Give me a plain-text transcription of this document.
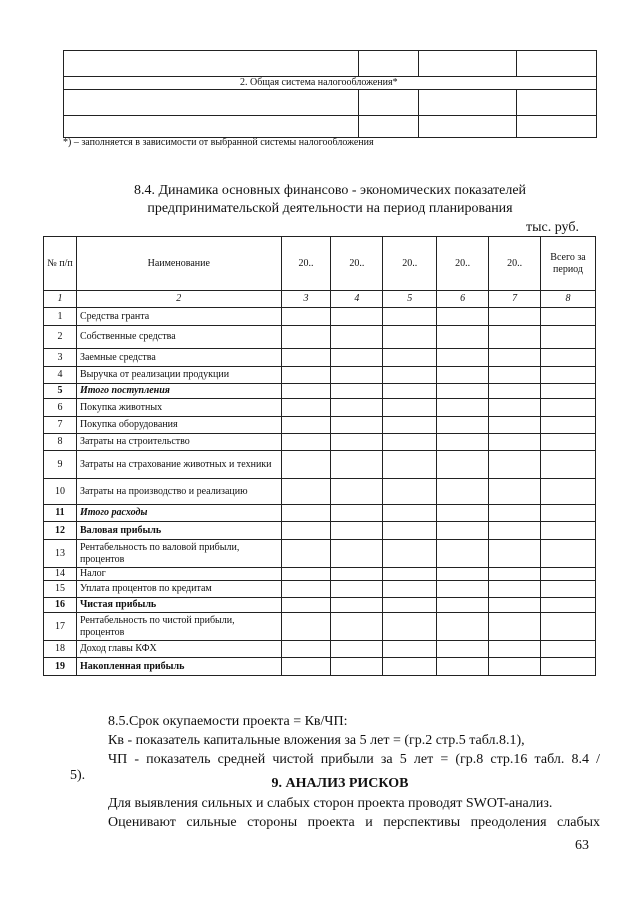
2. Общая система налогообложения*			

*) – заполняется в зависимости от выбранной системы налогообложения
8.4. Динамика основных финансово - экономических показателей
предпринимательской деятельности на период планирования
тыс. руб.
№ п/п	Наименование	20..	20..	20..	20..	20..	Всего за период
1	2	3	4	5	6	7	8
1	Средства гранта						
2	Собственные средства						
3	Заемные средства						
4	Выручка от реализации продукции						
5	Итого поступления						
6	Покупка животных						
7	Покупка оборудования						
8	Затраты на строительство						
9	Затраты на страхование животных и техники						
10	Затраты на производство и реализацию						
11	Итого расходы						
12	Валовая прибыль						
13	Рентабельность по валовой прибыли, процентов						
14	Налог						
15	Уплата процентов по кредитам						
16	Чистая прибыль						
17	Рентабельность по чистой прибыли, процентов						
18	Доход главы КФХ						
19	Накопленная прибыль						
8.5.Срок окупаемости проекта = Кв/ЧП:
Кв - показатель капитальные вложения за 5 лет = (гр.2 стр.5 табл.8.1),
ЧП - показатель средней чистой прибыли за 5 лет = (гр.8 стр.16 табл. 8.4 /
5).
9. АНАЛИЗ РИСКОВ
Для выявления сильных и слабых сторон проекта проводят SWOT-анализ.
Оценивают сильные стороны проекта и перспективы преодоления слабых
63
